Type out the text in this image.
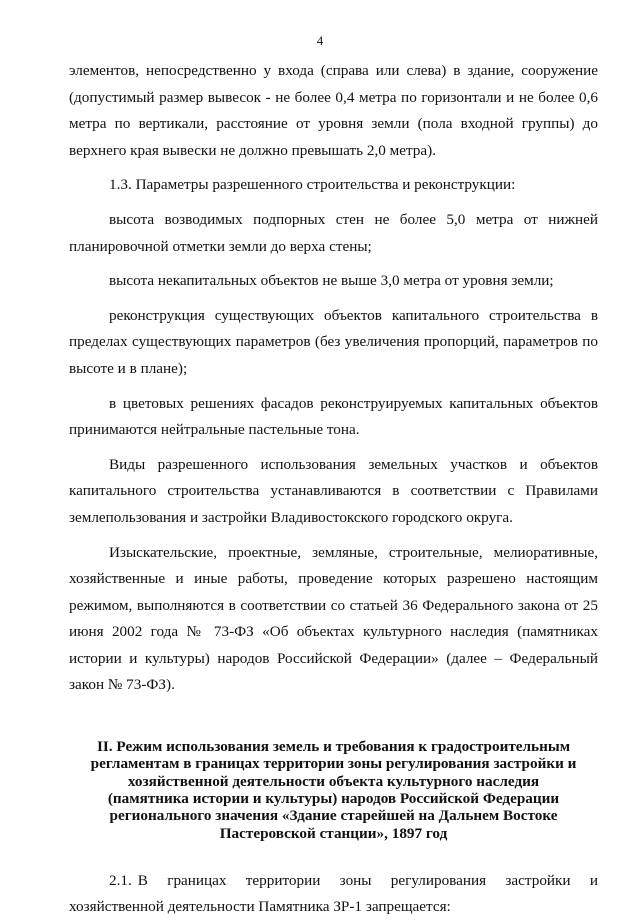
4

элементов, непосредственно у входа (справа или слева) в здание, сооружение (допустимый размер вывесок - не более 0,4 метра по горизонтали и не более 0,6 метра по вертикали, расстояние от уровня земли (пола входной группы) до верхнего края вывески не должно превышать 2,0 метра).

1.3. Параметры разрешенного строительства и реконструкции:

высота возводимых подпорных стен не более 5,0 метра от нижней планировочной отметки земли до верха стены;

высота некапитальных объектов не выше 3,0 метра от уровня земли;

реконструкция существующих объектов капитального строительства в пределах существующих параметров (без увеличения пропорций, параметров по высоте и в плане);

в цветовых решениях фасадов реконструируемых капитальных объектов принимаются нейтральные пастельные тона.

Виды разрешенного использования земельных участков и объектов капитального строительства устанавливаются в соответствии с Правилами землепользования и застройки Владивостокского городского округа.

Изыскательские, проектные, земляные, строительные, мелиоративные, хозяйственные и иные работы, проведение которых разрешено настоящим режимом, выполняются в соответствии со статьей 36 Федерального закона от 25 июня 2002 года № 73-ФЗ «Об объектах культурного наследия (памятниках истории и культуры) народов Российской Федерации» (далее – Федеральный закон № 73-ФЗ).

II. Режим использования земель и требования к градостроительным регламентам в границах территории зоны регулирования застройки и хозяйственной деятельности объекта культурного наследия (памятника истории и культуры) народов Российской Федерации регионального значения «Здание старейшей на Дальнем Востоке Пастеровской станции», 1897 год

2.1. В границах территории зоны регулирования застройки и хозяйственной деятельности Памятника ЗР-1 запрещается:
